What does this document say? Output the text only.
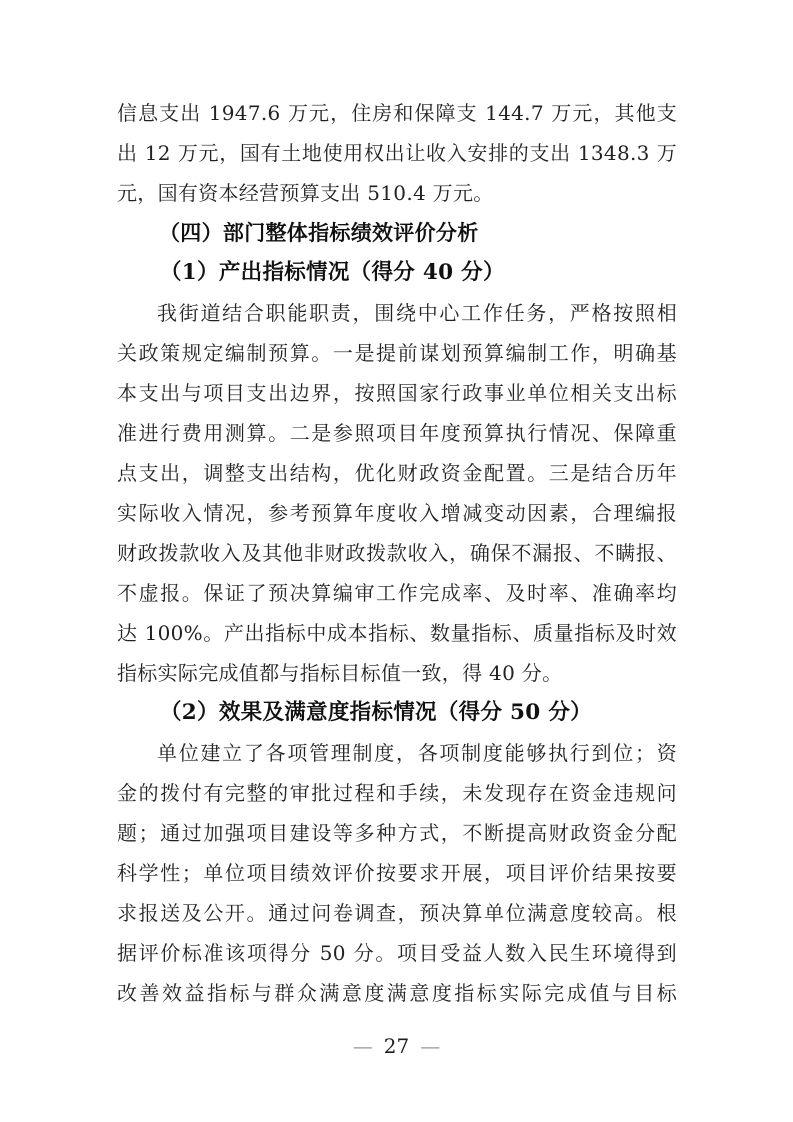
信息支出 1947.6 万元，住房和保障支 144.7 万元，其他支
出 12 万元，国有土地使用权出让收入安排的支出 1348.3 万
元，国有资本经营预算支出 510.4 万元。
（四）部门整体指标绩效评价分析
（1）产出指标情况（得分 40 分）
我街道结合职能职责，围绕中心工作任务，严格按照相
关政策规定编制预算。一是提前谋划预算编制工作，明确基
本支出与项目支出边界，按照国家行政事业单位相关支出标
准进行费用测算。二是参照项目年度预算执行情况、保障重
点支出，调整支出结构，优化财政资金配置。三是结合历年
实际收入情况，参考预算年度收入增减变动因素，合理编报
财政拨款收入及其他非财政拨款收入，确保不漏报、不瞒报、
不虚报。保证了预决算编审工作完成率、及时率、准确率均
达 100%。产出指标中成本指标、数量指标、质量指标及时效
指标实际完成值都与指标目标值一致，得 40 分。
（2）效果及满意度指标情况（得分 50 分）
单位建立了各项管理制度，各项制度能够执行到位；资
金的拨付有完整的审批过程和手续，未发现存在资金违规问
题；通过加强项目建设等多种方式，不断提高财政资金分配
科学性；单位项目绩效评价按要求开展，项目评价结果按要
求报送及公开。通过问卷调查，预决算单位满意度较高。根
据评价标准该项得分 50 分。项目受益人数入民生环境得到
改善效益指标与群众满意度满意度指标实际完成值与目标
— 27 —
